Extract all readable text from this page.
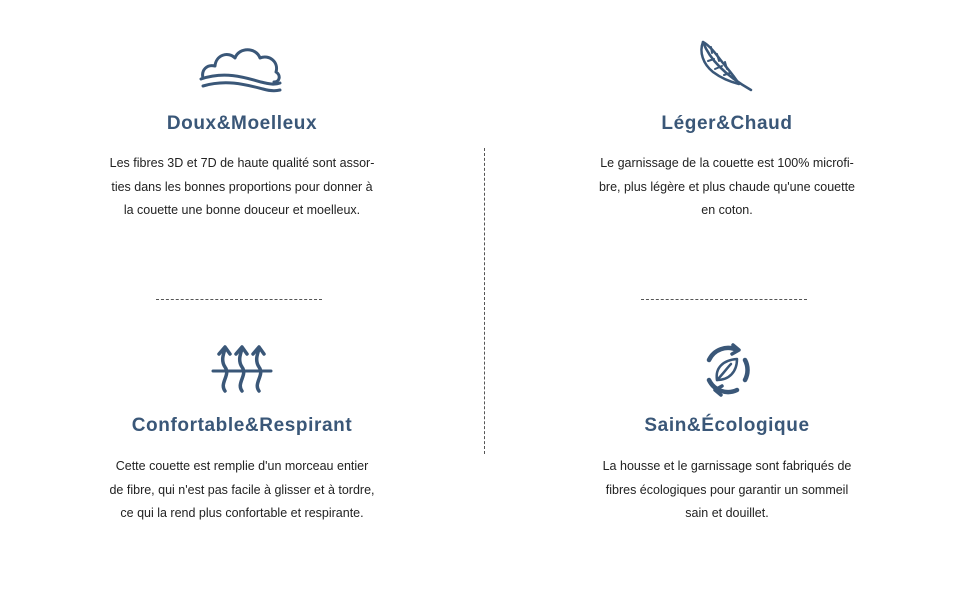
Doux&Moelleux
Les fibres 3D et 7D de haute qualité sont assor-
ties dans les bonnes proportions pour donner à
la couette une bonne douceur et moelleux.
Léger&Chaud
Le garnissage de la couette est 100% microfi-
bre, plus légère et plus chaude qu'une couette
en coton.
Confortable&Respirant
Cette couette est remplie d'un morceau entier
de fibre, qui n'est pas facile à glisser et à tordre,
ce qui la rend plus confortable et respirante.
Sain&Écologique
La housse et le garnissage sont fabriqués de
fibres écologiques pour garantir un sommeil
sain et douillet.
